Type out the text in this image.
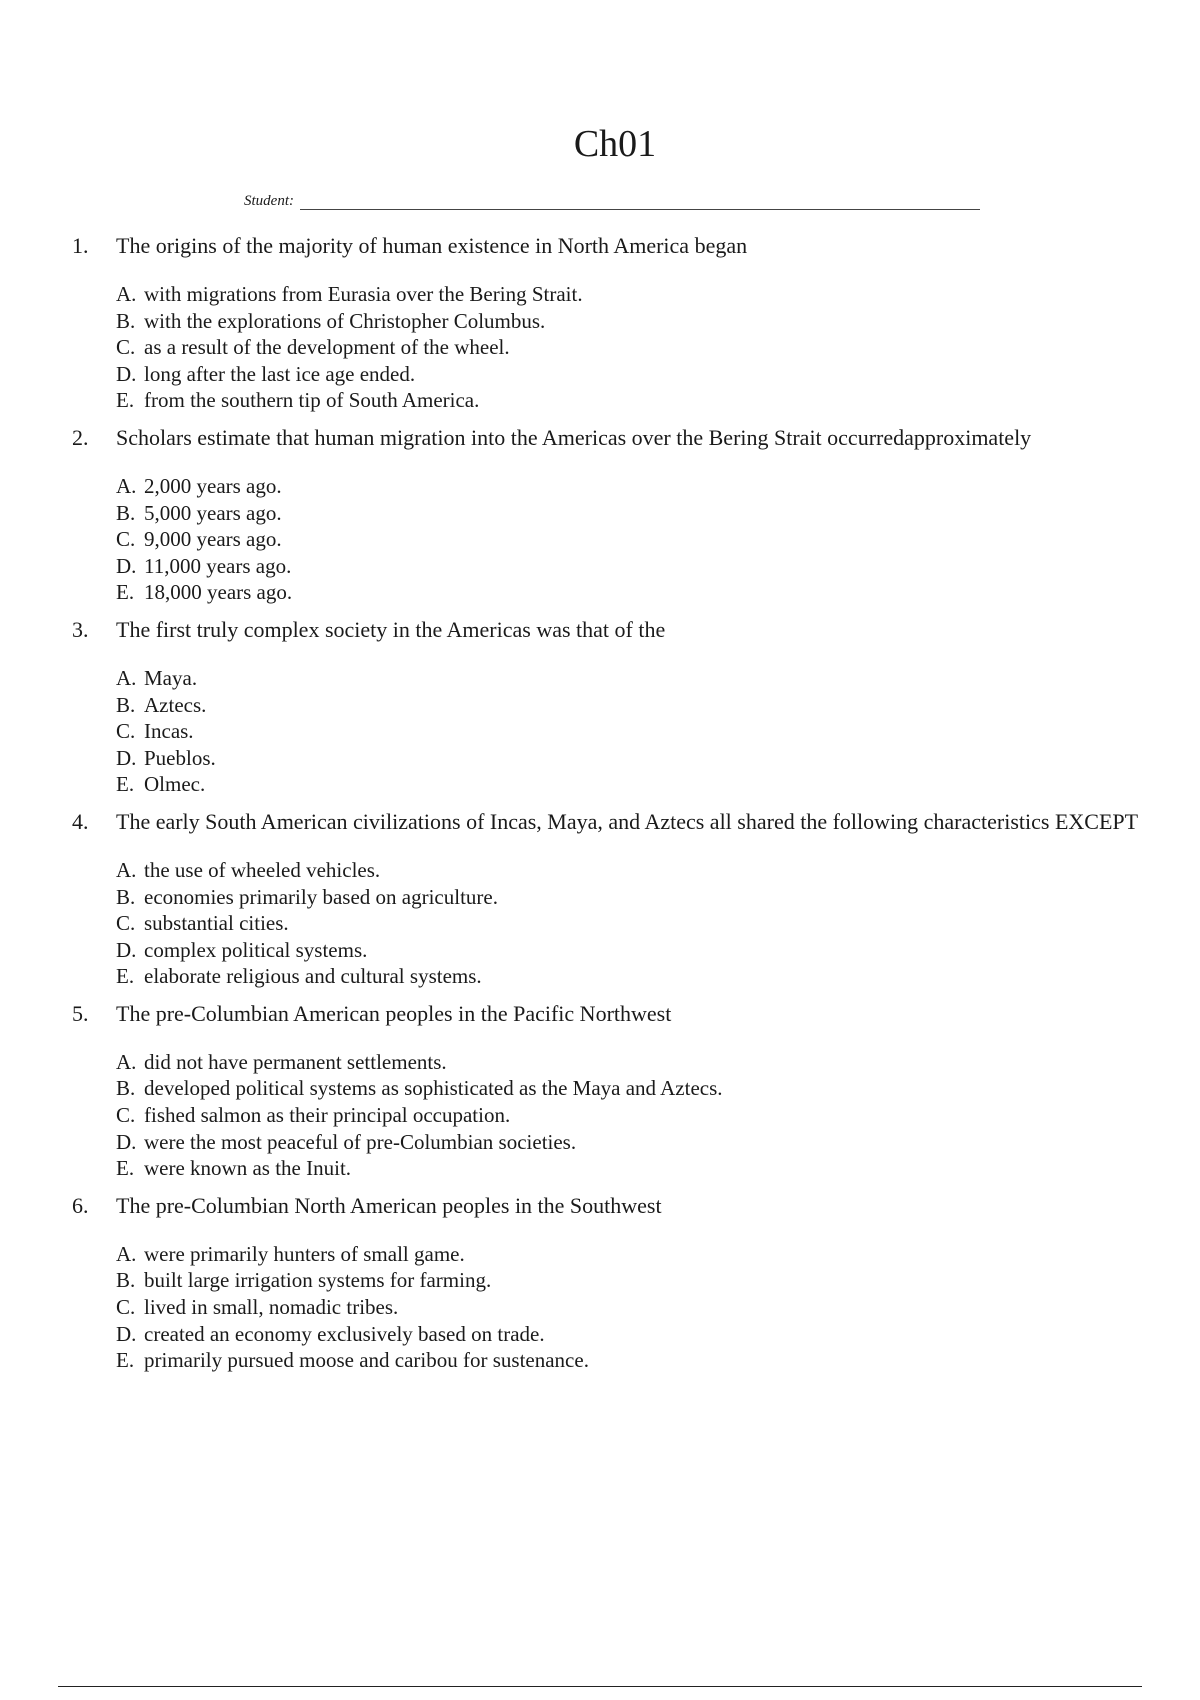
Ch01
Student:
1. The origins of the majority of human existence in North America began

A. with migrations from Eurasia over the Bering Strait.
B. with the explorations of Christopher Columbus.
C. as a result of the development of the wheel.
D. long after the last ice age ended.
E. from the southern tip of South America.
2. Scholars estimate that human migration into the Americas over the Bering Strait occurredapproximately

A. 2,000 years ago.
B. 5,000 years ago.
C. 9,000 years ago.
D. 11,000 years ago.
E. 18,000 years ago.
3. The first truly complex society in the Americas was that of the

A. Maya.
B. Aztecs.
C. Incas.
D. Pueblos.
E. Olmec.
4. The early South American civilizations of Incas, Maya, and Aztecs all shared the following characteristics EXCEPT

A. the use of wheeled vehicles.
B. economies primarily based on agriculture.
C. substantial cities.
D. complex political systems.
E. elaborate religious and cultural systems.
5. The pre-Columbian American peoples in the Pacific Northwest

A. did not have permanent settlements.
B. developed political systems as sophisticated as the Maya and Aztecs.
C. fished salmon as their principal occupation.
D. were the most peaceful of pre-Columbian societies.
E. were known as the Inuit.
6. The pre-Columbian North American peoples in the Southwest

A. were primarily hunters of small game.
B. built large irrigation systems for farming.
C. lived in small, nomadic tribes.
D. created an economy exclusively based on trade.
E. primarily pursued moose and caribou for sustenance.
